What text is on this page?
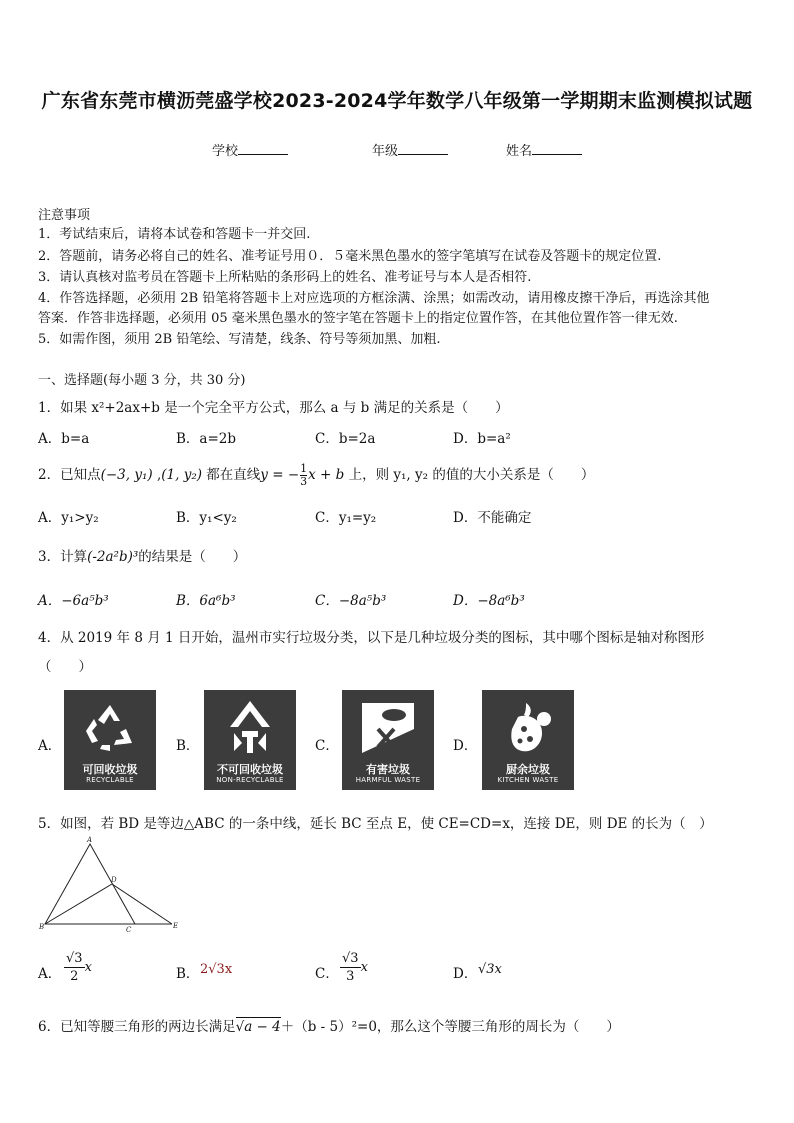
广东省东莞市横沥莞盛学校2023-2024学年数学八年级第一学期期末监测模拟试题
学校	年级	姓名
注意事项
1．考试结束后，请将本试卷和答题卡一并交回.
2．答题前，请务必将自己的姓名、准考证号用０．５毫米黑色墨水的签字笔填写在试卷及答题卡的规定位置.
3．请认真核对监考员在答题卡上所粘贴的条形码上的姓名、准考证号与本人是否相符.
4．作答选择题，必须用 2B 铅笔将答题卡上对应选项的方框涂满、涂黑；如需改动，请用橡皮擦干净后，再选涂其他
答案．作答非选择题，必须用 05 毫米黑色墨水的签字笔在答题卡上的指定位置作答，在其他位置作答一律无效.
5．如需作图，须用 2B 铅笔绘、写清楚，线条、符号等须加黑、加粗.
一、选择题(每小题 3 分，共 30 分)
1．如果 x²+2ax+b 是一个完全平方公式，那么 a 与 b 满足的关系是（　　）
A．b=a	B．a=2b	C．b=2a	D．b=a²
2．已知点(−3, y₁) ,(1, y₂) 都在直线y = − $\frac{1}{3}$ x + b 上，则 y₁, y₂ 的值的大小关系是（　　）
A．y₁>y₂	B．y₁<y₂	C．y₁=y₂	D．不能确定
3．计算(-2a²b)³的结果是（　　）
A．−6a⁵b³	B．6a⁶b³	C．−8a⁵b³	D．−8a⁶b³
4．从 2019 年 8 月 1 日开始，温州市实行垃圾分类，以下是几种垃圾分类的图标，其中哪个图标是轴对称图形
（　　）
A．	B．	C．	D．
可回收垃圾
RECYCLABLE
不可回收垃圾
NON-RECYCLABLE
有害垃圾
HARMFUL WASTE
厨余垃圾
KITCHEN WASTE
5．如图，若 BD 是等边△ABC 的一条中线，延长 BC 至点 E，使 CE=CD=x，连接 DE，则 DE 的长为（　）
A
B	C
D
E
A． $\frac{√3}{2}$ x	B． 2√3x	C． $\frac{√3}{3}$ x	D． √3x
6．已知等腰三角形的两边长满足√a − 4＋（b - 5）²=0，那么这个等腰三角形的周长为（　　）
